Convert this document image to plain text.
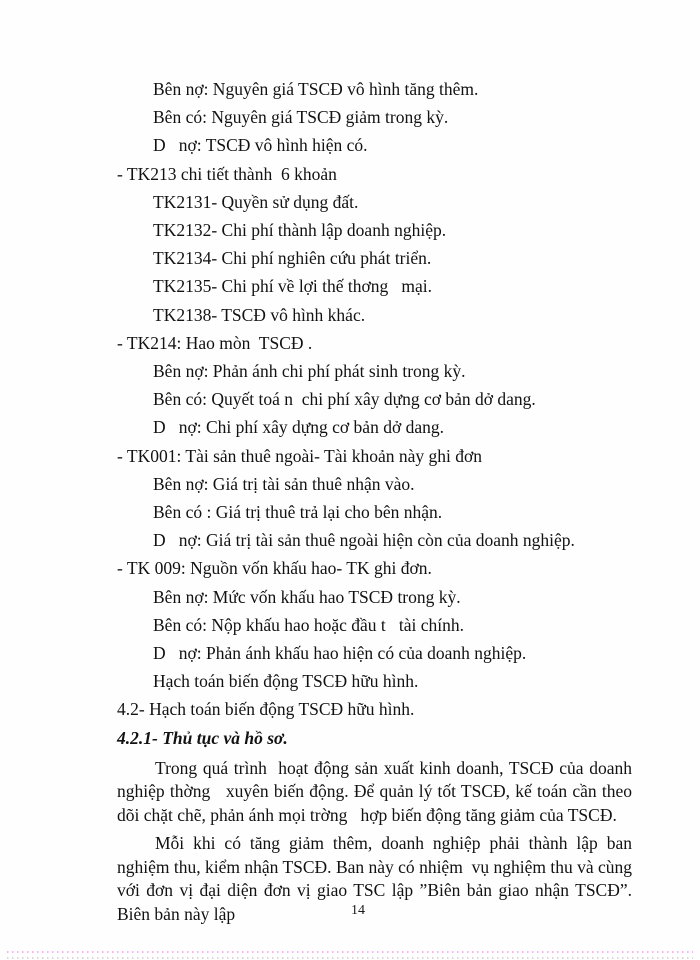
Bên nợ: Nguyên giá TSCĐ vô hình tăng thêm.
Bên có: Nguyên giá TSCĐ giảm trong kỳ.
D   nợ: TSCĐ vô hình hiện có.
- TK213 chi tiết thành  6 khoản
TK2131- Quyền sử dụng đất.
TK2132- Chi phí thành lập doanh nghiệp.
TK2134- Chi phí nghiên cứu phát triển.
TK2135- Chi phí về lợi thế thơng   mại.
TK2138- TSCĐ vô hình khác.
- TK214: Hao mòn  TSCĐ .
Bên nợ: Phản ánh chi phí phát sinh trong kỳ.
Bên có: Quyết toá n  chi phí xây dựng cơ bản dở dang.
D   nợ: Chi phí xây dựng cơ bản dở dang.
- TK001: Tài sản thuê ngoài- Tài khoản này ghi đơn
Bên nợ: Giá trị tài sản thuê nhận vào.
Bên có : Giá trị thuê trả lại cho bên nhận.
D   nợ: Giá trị tài sản thuê ngoài hiện còn của doanh nghiệp.
- TK 009: Nguồn vốn khấu hao- TK ghi đơn.
Bên nợ: Mức vốn khấu hao TSCĐ trong kỳ.
Bên có: Nộp khấu hao hoặc đầu t   tài chính.
D   nợ: Phản ánh khấu hao hiện có của doanh nghiệp.
Hạch toán biến động TSCĐ hữu hình.
4.2- Hạch toán biến động TSCĐ hữu hình.
4.2.1- Thủ tục và hồ sơ.
Trong quá trình  hoạt động sản xuất kinh doanh, TSCĐ của doanh nghiệp thờng   xuyên biến động. Để quản lý tốt TSCĐ, kế toán cần theo dõi chặt chẽ, phản ánh mọi trờng   hợp biến động tăng giảm của TSCĐ.
Mỗi khi có tăng giảm thêm, doanh nghiệp phải thành lập ban nghiệm thu, kiểm nhận TSCĐ. Ban này có nhiệm  vụ nghiệm thu và cùng với đơn vị đại diện đơn vị giao TSC lập ”Biên bản giao nhận TSCĐ”. Biên bản này lập	14
